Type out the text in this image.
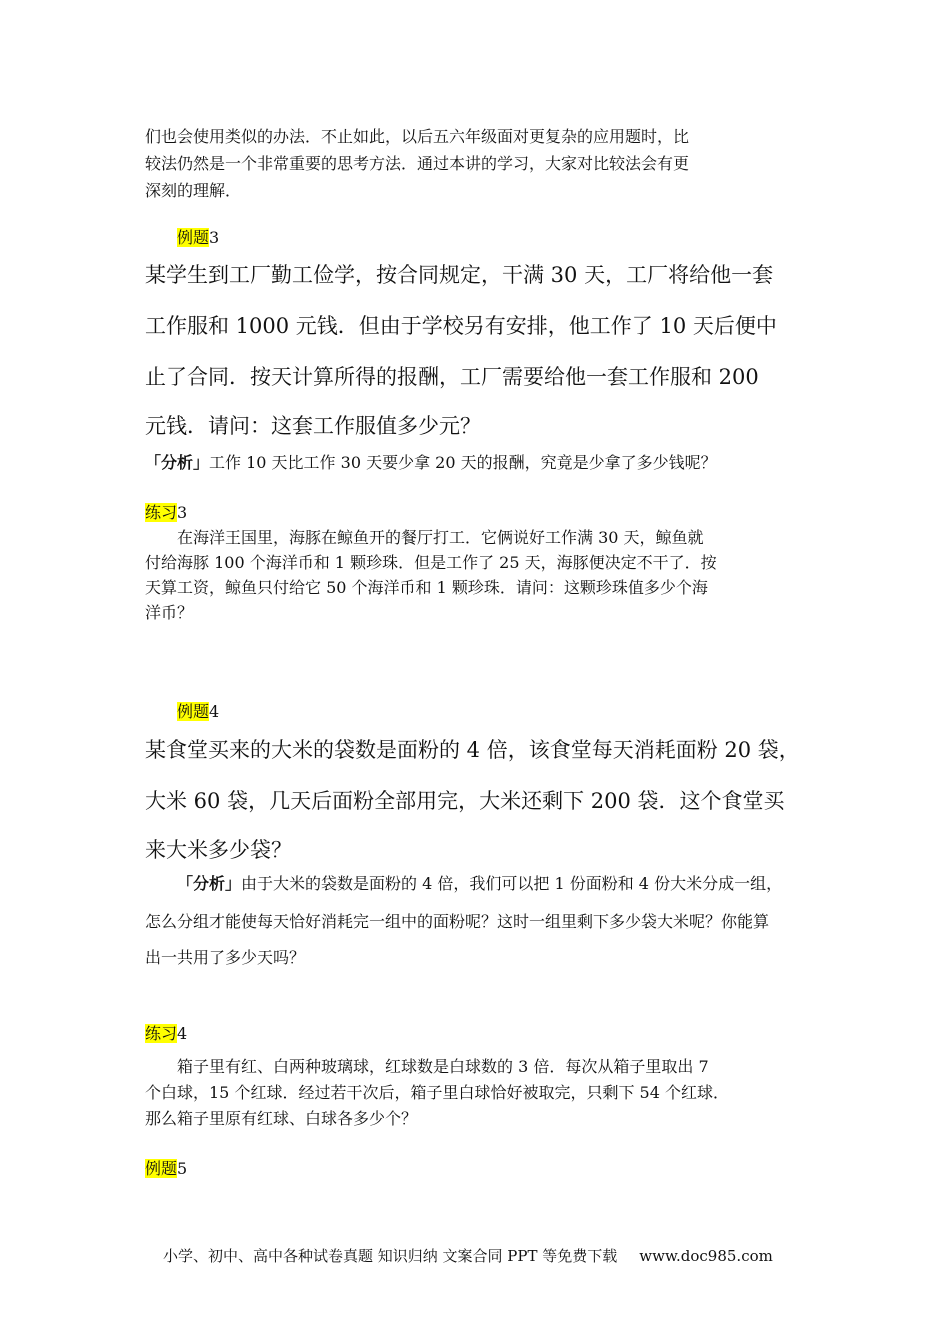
们也会使用类似的办法．不止如此，以后五六年级面对更复杂的应用题时，比
较法仍然是一个非常重要的思考方法．通过本讲的学习，大家对比较法会有更
深刻的理解．
例题3
某学生到工厂勤工俭学，按合同规定，干满 30 天，工厂将给他一套
工作服和 1000 元钱．但由于学校另有安排，他工作了 10 天后便中
止了合同．按天计算所得的报酬，工厂需要给他一套工作服和 200
元钱．请问：这套工作服值多少元？
「分析」工作 10 天比工作 30 天要少拿 20 天的报酬，究竟是少拿了多少钱呢？
练习3
在海洋王国里，海豚在鲸鱼开的餐厅打工．它俩说好工作满 30 天，鲸鱼就
付给海豚 100 个海洋币和 1 颗珍珠．但是工作了 25 天，海豚便决定不干了．按
天算工资，鲸鱼只付给它 50 个海洋币和 1 颗珍珠．请问：这颗珍珠值多少个海
洋币？
例题4
某食堂买来的大米的袋数是面粉的 4 倍，该食堂每天消耗面粉 20 袋，
大米 60 袋，几天后面粉全部用完，大米还剩下 200 袋．这个食堂买
来大米多少袋？
「分析」由于大米的袋数是面粉的 4 倍，我们可以把 1 份面粉和 4 份大米分成一组，
怎么分组才能使每天恰好消耗完一组中的面粉呢？这时一组里剩下多少袋大米呢？你能算
出一共用了多少天吗？
练习4
箱子里有红、白两种玻璃球，红球数是白球数的 3 倍．每次从箱子里取出 7
个白球，15 个红球．经过若干次后，箱子里白球恰好被取完，只剩下 54 个红球．
那么箱子里原有红球、白球各多少个？
例题5
小学、初中、高中各种试卷真题 知识归纳 文案合同 PPT 等免费下载 www.doc985.com
